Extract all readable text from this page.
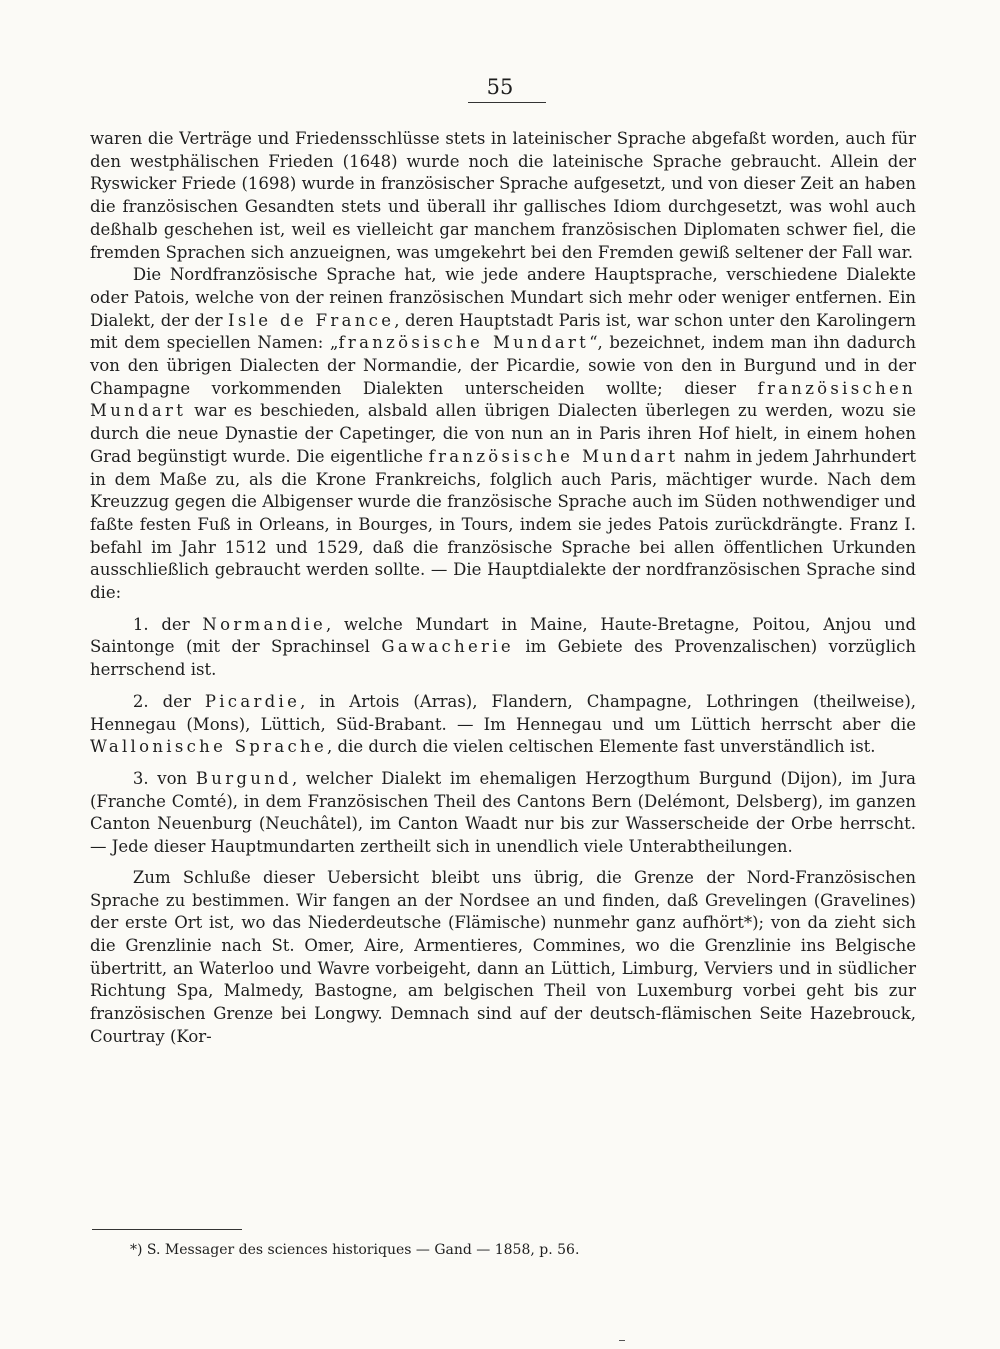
55

waren die Verträge und Friedensschlüsse stets in lateinischer Sprache abgefaßt worden, auch für den westphälischen Frieden (1648) wurde noch die lateinische Sprache gebraucht. Allein der Ryswicker Friede (1698) wurde in französischer Sprache aufgesetzt, und von dieser Zeit an haben die französischen Gesandten stets und überall ihr gallisches Idiom durchgesetzt, was wohl auch deßhalb geschehen ist, weil es vielleicht gar manchem französischen Diplomaten schwer fiel, die fremden Sprachen sich anzueignen, was umgekehrt bei den Fremden gewiß seltener der Fall war.

Die Nordfranzösische Sprache hat, wie jede andere Hauptsprache, verschiedene Dialekte oder Patois, welche von der reinen französischen Mundart sich mehr oder weniger entfernen. Ein Dialekt, der der Isle de France, deren Hauptstadt Paris ist, war schon unter den Karolingern mit dem speciellen Namen: „französische Mundart“, bezeichnet, indem man ihn dadurch von den übrigen Dialecten der Normandie, der Picardie, sowie von den in Burgund und in der Champagne vorkommenden Dialekten unterscheiden wollte; dieser französischen Mundart war es beschieden, alsbald allen übrigen Dialecten überlegen zu werden, wozu sie durch die neue Dynastie der Capetinger, die von nun an in Paris ihren Hof hielt, in einem hohen Grad begünstigt wurde. Die eigentliche französische Mundart nahm in jedem Jahrhundert in dem Maße zu, als die Krone Frankreichs, folglich auch Paris, mächtiger wurde. Nach dem Kreuzzug gegen die Albigenser wurde die französische Sprache auch im Süden nothwendiger und faßte festen Fuß in Orleans, in Bourges, in Tours, indem sie jedes Patois zurückdrängte. Franz I. befahl im Jahr 1512 und 1529, daß die französische Sprache bei allen öffentlichen Urkunden ausschließlich gebraucht werden sollte. — Die Hauptdialekte der nordfranzösischen Sprache sind die:

1. der Normandie, welche Mundart in Maine, Haute-Bretagne, Poitou, Anjou und Saintonge (mit der Sprachinsel Gawacherie im Gebiete des Provenzalischen) vorzüglich herrschend ist.

2. der Picardie, in Artois (Arras), Flandern, Champagne, Lothringen (theilweise), Hennegau (Mons), Lüttich, Süd-Brabant. — Im Hennegau und um Lüttich herrscht aber die Wallonische Sprache, die durch die vielen celtischen Elemente fast unverständlich ist.

3. von Burgund, welcher Dialekt im ehemaligen Herzogthum Burgund (Dijon), im Jura (Franche Comté), in dem Französischen Theil des Cantons Bern (Delémont, Delsberg), im ganzen Canton Neuenburg (Neuchâtel), im Canton Waadt nur bis zur Wasserscheide der Orbe herrscht. — Jede dieser Hauptmundarten zertheilt sich in unendlich viele Unterabtheilungen.

Zum Schluße dieser Uebersicht bleibt uns übrig, die Grenze der Nord-Französischen Sprache zu bestimmen. Wir fangen an der Nordsee an und finden, daß Grevelingen (Gravelines) der erste Ort ist, wo das Niederdeutsche (Flämische) nunmehr ganz aufhört*); von da zieht sich die Grenzlinie nach St. Omer, Aire, Armentieres, Commines, wo die Grenzlinie ins Belgische übertritt, an Waterloo und Wavre vorbeigeht, dann an Lüttich, Limburg, Verviers und in südlicher Richtung Spa, Malmedy, Bastogne, am belgischen Theil von Luxemburg vorbei geht bis zur französischen Grenze bei Longwy. Demnach sind auf der deutsch-flämischen Seite Hazebrouck, Courtray (Kor-

*) S. Messager des sciences historiques — Gand — 1858, p. 56.
